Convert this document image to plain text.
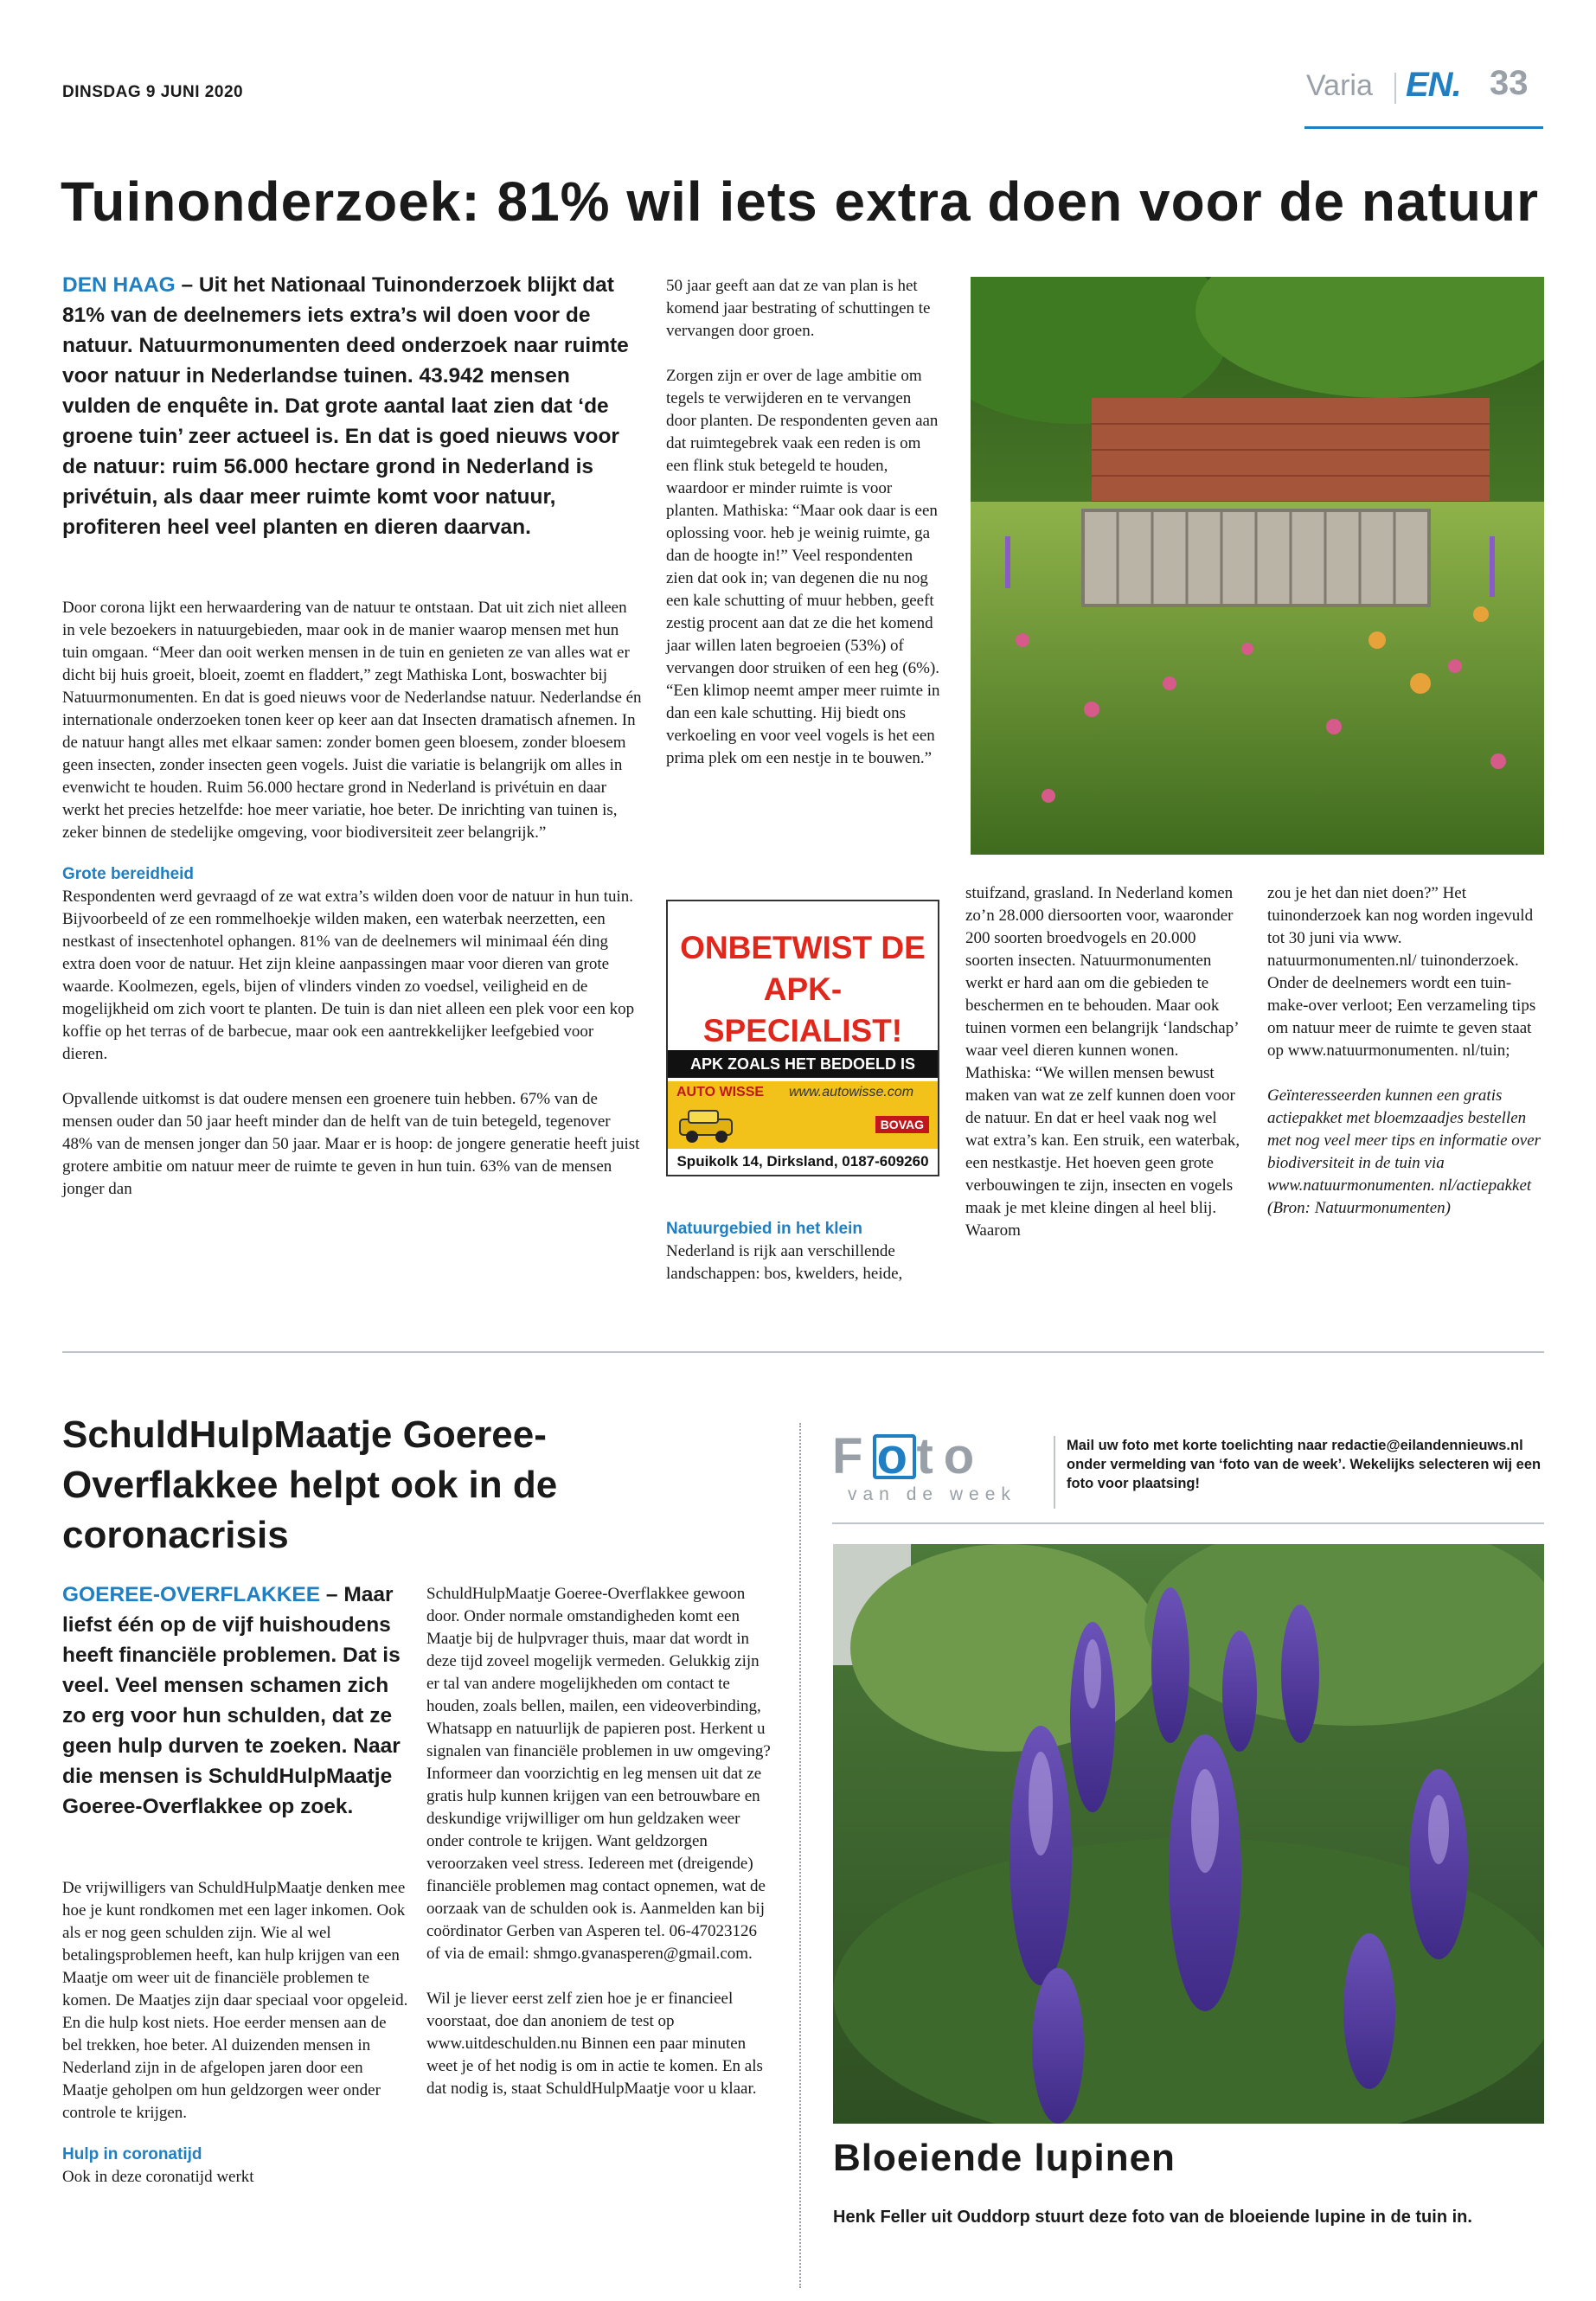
DINSDAG 9 JUNI 2020	Varia EN. 33
Tuinonderzoek: 81% wil iets extra doen voor de natuur
DEN HAAG – Uit het Nationaal Tuinonderzoek blijkt dat 81% van de deelnemers iets extra’s wil doen voor de natuur. Natuurmonumenten deed onderzoek naar ruimte voor natuur in Nederlandse tuinen. 43.942 mensen vulden de enquête in. Dat grote aantal laat zien dat ‘de groene tuin’ zeer actueel is. En dat is goed nieuws voor de natuur: ruim 56.000 hectare grond in Nederland is privétuin, als daar meer ruimte komt voor natuur, profiteren heel veel planten en dieren daarvan.

Door corona lijkt een herwaardering van de natuur te ontstaan. Dat uit zich niet alleen in vele bezoekers in natuurgebieden, maar ook in de manier waarop mensen met hun tuin omgaan. “Meer dan ooit werken mensen in de tuin en genieten ze van alles wat er dicht bij huis groeit, bloeit, zoemt en fladdert,” zegt Mathiska Lont, boswachter bij Natuurmonumenten. En dat is goed nieuws voor de Nederlandse natuur. Nederlandse én internationale onderzoeken tonen keer op keer aan dat Insecten dramatisch afnemen. In de natuur hangt alles met elkaar samen: zonder bomen geen bloesem, zonder bloesem geen insecten, zonder insecten geen vogels. Juist die variatie is belangrijk om alles in evenwicht te houden. Ruim 56.000 hectare grond in Nederland is privétuin en daar werkt het precies hetzelfde: hoe meer variatie, hoe beter. De inrichting van tuinen is, zeker binnen de stedelijke omgeving, voor biodiversiteit zeer belangrijk.”

Grote bereidheid

Respondenten werd gevraagd of ze wat extra’s wilden doen voor de natuur in hun tuin. Bijvoorbeeld of ze een rommelhoekje wilden maken, een waterbak neerzetten, een nestkast of insectenhotel ophangen. 81% van de deelnemers wil minimaal één ding extra doen voor de natuur. Het zijn kleine aanpassingen maar voor dieren van grote waarde. Koolmezen, egels, bijen of vlinders vinden zo voedsel, veiligheid en de mogelijkheid om zich voort te planten. De tuin is dan niet alleen een plek voor een kop koffie op het terras of de barbecue, maar ook een aantrekkelijker leefgebied voor dieren.

Opvallende uitkomst is dat oudere mensen een groenere tuin hebben. 67% van de mensen ouder dan 50 jaar heeft minder dan de helft van de tuin betegeld, tegenover 48% van de mensen jonger dan 50 jaar. Maar er is hoop: de jongere generatie heeft juist grotere ambitie om natuur meer de ruimte te geven in hun tuin. 63% van de mensen jonger dan

50 jaar geeft aan dat ze van plan is het komend jaar bestrating of schuttingen te vervangen door groen.

Zorgen zijn er over de lage ambitie om tegels te verwijderen en te vervangen door planten. De respondenten geven aan dat ruimtegebrek vaak een reden is om een flink stuk betegeld te houden, waardoor er minder ruimte is voor planten. Mathiska: “Maar ook daar is een oplossing voor. heb je weinig ruimte, ga dan de hoogte in!” Veel respondenten zien dat ook in; van degenen die nu nog een kale schutting of muur hebben, geeft zestig procent aan dat ze die het komend jaar willen laten begroeien (53%) of vervangen door struiken of een heg (6%). “Een klimop neemt amper meer ruimte in dan een kale schutting. Hij biedt ons verkoeling en voor veel vogels is het een prima plek om een nestje in te bouwen.”

ONBETWIST DE APK-SPECIALIST!
APK ZOALS HET BEDOELD IS
AUTO WISSE www.autowisse.com
BOVAG
Spuikolk 14, Dirksland, 0187-609260
Natuurgebied in het klein

Nederland is rijk aan verschillende landschappen: bos, kwelders, heide,

stuifzand, grasland. In Nederland komen zo’n 28.000 diersoorten voor, waaronder 200 soorten broedvogels en 20.000 soorten insecten. Natuurmonumenten werkt er hard aan om die gebieden te beschermen en te behouden. Maar ook tuinen vormen een belangrijk ‘landschap’ waar veel dieren kunnen wonen. Mathiska: “We willen mensen bewust maken van wat ze zelf kunnen doen voor de natuur. En dat er heel vaak nog wel wat extra’s kan. Een struik, een waterbak, een nestkastje. Het hoeven geen grote verbouwingen te zijn, insecten en vogels maak je met kleine dingen al heel blij. Waarom

zou je het dan niet doen?” Het tuinonderzoek kan nog worden ingevuld tot 30 juni via www. natuurmonumenten.nl/ tuinonderzoek. Onder de deelnemers wordt een tuin-make-over verloot; Een verzameling tips om natuur meer de ruimte te geven staat op www.natuurmonumenten. nl/tuin;

Geïnteresseerden kunnen een gratis actiepakket met bloemzaadjes bestellen met nog veel meer tips en informatie over biodiversiteit in de tuin via www.natuurmonumenten. nl/actiepakket (Bron: Natuurmonumenten)

SchuldHulpMaatje Goeree-Overflakkee helpt ook in de coronacrisis
GOEREE-OVERFLAKKEE – Maar liefst één op de vijf huishoudens heeft financiële problemen. Dat is veel. Veel mensen schamen zich zo erg voor hun schulden, dat ze geen hulp durven te zoeken. Naar die mensen is SchuldHulpMaatje Goeree-Overflakkee op zoek.

De vrijwilligers van SchuldHulpMaatje denken mee hoe je kunt rondkomen met een lager inkomen. Ook als er nog geen schulden zijn. Wie al wel betalingsproblemen heeft, kan hulp krijgen van een Maatje om weer uit de financiële problemen te komen. De Maatjes zijn daar speciaal voor opgeleid. En die hulp kost niets. Hoe eerder mensen aan de bel trekken, hoe beter. Al duizenden mensen in Nederland zijn in de afgelopen jaren door een Maatje geholpen om hun geldzorgen weer onder controle te krijgen.

Hulp in coronatijd

Ook in deze coronatijd werkt

SchuldHulpMaatje Goeree-Overflakkee gewoon door. Onder normale omstandigheden komt een Maatje bij de hulpvrager thuis, maar dat wordt in deze tijd zoveel mogelijk vermeden. Gelukkig zijn er tal van andere mogelijkheden om contact te houden, zoals bellen, mailen, een videoverbinding, Whatsapp en natuurlijk de papieren post. Herkent u signalen van financiële problemen in uw omgeving? Informeer dan voorzichtig en leg mensen uit dat ze gratis hulp kunnen krijgen van een betrouwbare en deskundige vrijwilliger om hun geldzaken weer onder controle te krijgen. Want geldzorgen veroorzaken veel stress. Iedereen met (dreigende) financiële problemen mag contact opnemen, wat de oorzaak van de schulden ook is. Aanmelden kan bij coördinator Gerben van Asperen tel. 06-47023126 of via de email: shmgo.gvanasperen@gmail.com.

Wil je liever eerst zelf zien hoe je er financieel voorstaat, doe dan anoniem de test op www.uitdeschulden.nu Binnen een paar minuten weet je of het nodig is om in actie te komen. En als dat nodig is, staat SchuldHulpMaatje voor u klaar.

Foto
van de week
Mail uw foto met korte toelichting naar redactie@eilandennieuws.nl onder vermelding van ‘foto van de week’. Wekelijks selecteren wij een foto voor plaatsing!
Bloeiende lupinen
Henk Feller uit Ouddorp stuurt deze foto van de bloeiende lupine in de tuin in.
